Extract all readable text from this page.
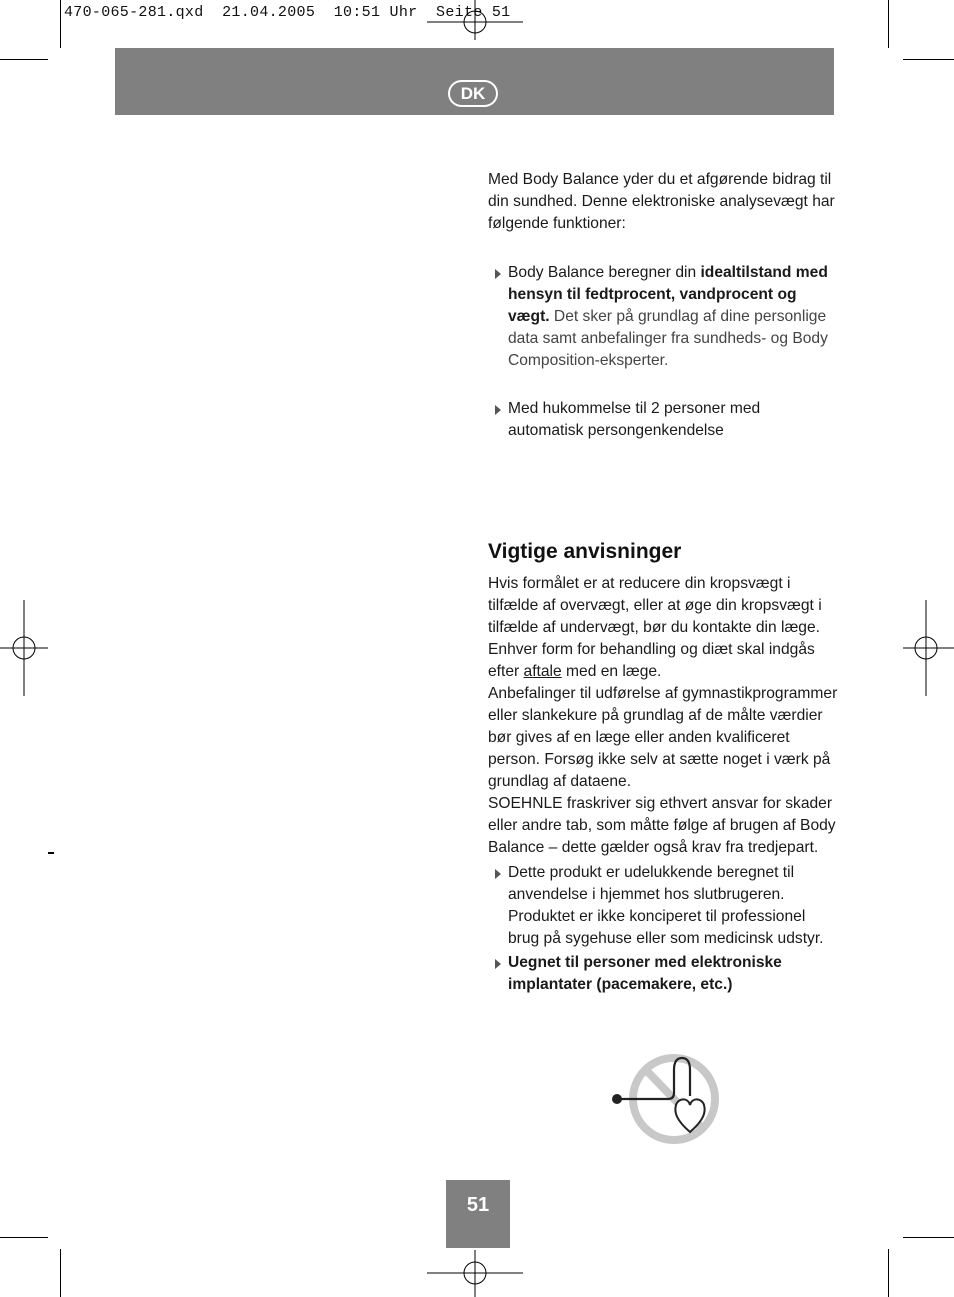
470-065-281.qxd  21.04.2005  10:51 Uhr  Seite 51
DK

Med Body Balance yder du et afgørende bidrag til din sundhed. Denne elektroniske analysevægt har følgende funktioner:

Body Balance beregner din idealtilstand med hensyn til fedtprocent, vandprocent og vægt. Det sker på grundlag af dine personlige data samt anbefalinger fra sundheds- og Body Composition-eksperter.
Med hukommelse til 2 personer med automatisk persongenkendelse
Vigtige anvisninger

Hvis formålet er at reducere din kropsvægt i tilfælde af overvægt, eller at øge din kropsvægt i tilfælde af undervægt, bør du kontakte din læge. Enhver form for behandling og diæt skal indgås efter aftale med en læge.

Anbefalinger til udførelse af gymnastikprogrammer eller slankekure på grundlag af de målte værdier bør gives af en læge eller anden kvalificeret person. Forsøg ikke selv at sætte noget i værk på grundlag af dataene.

SOEHNLE fraskriver sig ethvert ansvar for skader eller andre tab, som måtte følge af brugen af Body Balance – dette gælder også krav fra tredjepart.

Dette produkt er udelukkende beregnet til anvendelse i hjemmet hos slutbrugeren. Produktet er ikke konciperet til professionel brug på sygehuse eller som medicinsk udstyr.
Uegnet til personer med elektroniske implantater (pacemakere, etc.)
51
